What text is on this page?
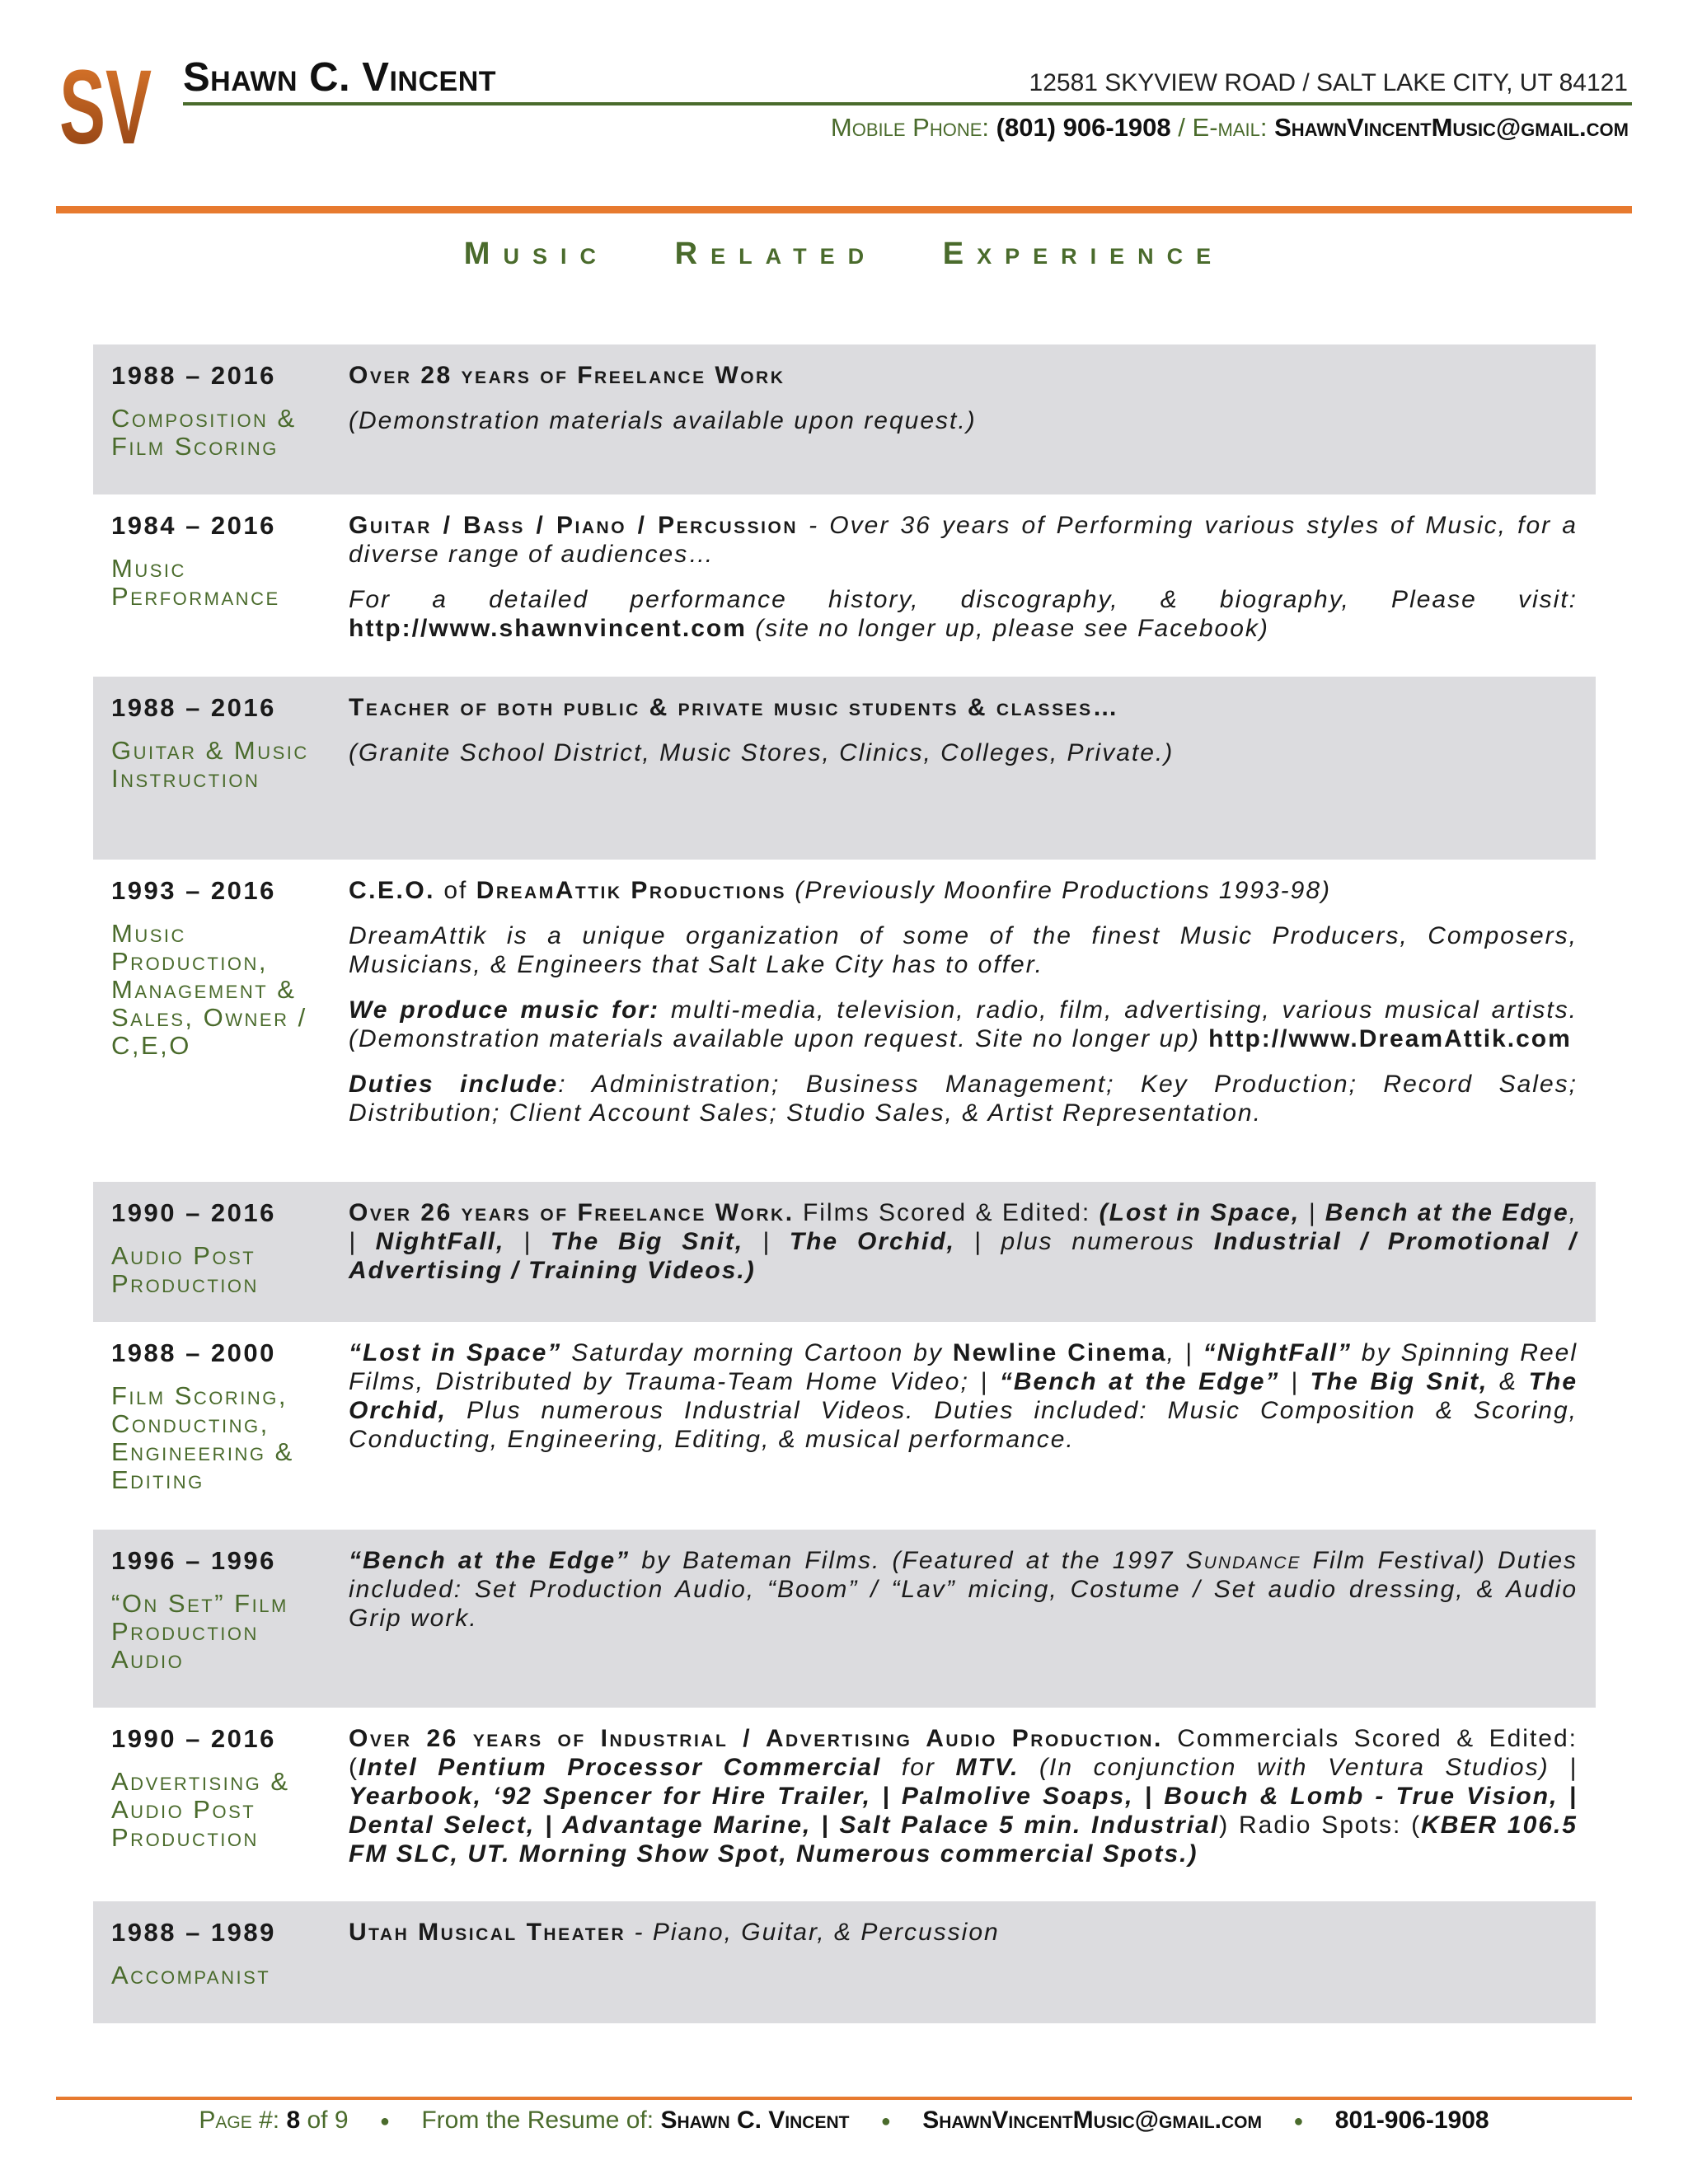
SV Shawn C. Vincent	12581 SKYVIEW ROAD / SALT LAKE CITY, UT 84121
Mobile Phone: (801) 906-1908 / E-mail: ShawnVincentMusic@gmail.com
Music Related Experience
1988 – 2016
Composition & Film Scoring
Over 28 years of Freelance Work
(Demonstration materials available upon request.)
1984 – 2016
Music Performance
Guitar / Bass / Piano / Percussion - Over 36 years of Performing various styles of Music, for a diverse range of audiences…
For a detailed performance history, discography, & biography, Please visit: http://www.shawnvincent.com (site no longer up, please see Facebook)
1988 – 2016
Guitar & Music Instruction
Teacher of both public & private music students & classes…
(Granite School District, Music Stores, Clinics, Colleges, Private.)
1993 – 2016
Music Production, Management & Sales, Owner / C,E,O
C.E.O. of DreamAttik Productions (Previously Moonfire Productions 1993-98)
DreamAttik is a unique organization of some of the finest Music Producers, Composers, Musicians, & Engineers that Salt Lake City has to offer.
We produce music for: multi-media, television, radio, film, advertising, various musical artists. (Demonstration materials available upon request. Site no longer up) http://www.DreamAttik.com
Duties include: Administration; Business Management; Key Production; Record Sales; Distribution; Client Account Sales; Studio Sales, & Artist Representation.
1990 – 2016
Audio Post Production
Over 26 years of Freelance Work. Films Scored & Edited: (Lost in Space, | Bench at the Edge, | NightFall, | The Big Snit, | The Orchid, | plus numerous Industrial / Promotional / Advertising / Training Videos.)
1988 – 2000
Film Scoring, Conducting, Engineering & Editing
“Lost in Space” Saturday morning Cartoon by Newline Cinema, | “NightFall” by Spinning Reel Films, Distributed by Trauma-Team Home Video; | “Bench at the Edge” | The Big Snit, & The Orchid, Plus numerous Industrial Videos. Duties included: Music Composition & Scoring, Conducting, Engineering, Editing, & musical performance.
1996 – 1996
“On Set” Film Production Audio
“Bench at the Edge” by Bateman Films. (Featured at the 1997 Sundance Film Festival) Duties included: Set Production Audio, “Boom” / “Lav” micing, Costume / Set audio dressing, & Audio Grip work.
1990 – 2016
Advertising & Audio Post Production
Over 26 years of Industrial / Advertising Audio Production. Commercials Scored & Edited: (Intel Pentium Processor Commercial for MTV. (In conjunction with Ventura Studios) | Yearbook, ‘92 Spencer for Hire Trailer, | Palmolive Soaps, | Bouch & Lomb - True Vision, | Dental Select, | Advantage Marine, | Salt Palace 5 min. Industrial) Radio Spots: (KBER 106.5 FM SLC, UT. Morning Show Spot, Numerous commercial Spots.)
1988 – 1989
Accompanist
Utah Musical Theater - Piano, Guitar, & Percussion
Page #: 8 of 9 ● From the Resume of: Shawn C. Vincent ● ShawnVincentMusic@gmail.com ● 801-906-1908
